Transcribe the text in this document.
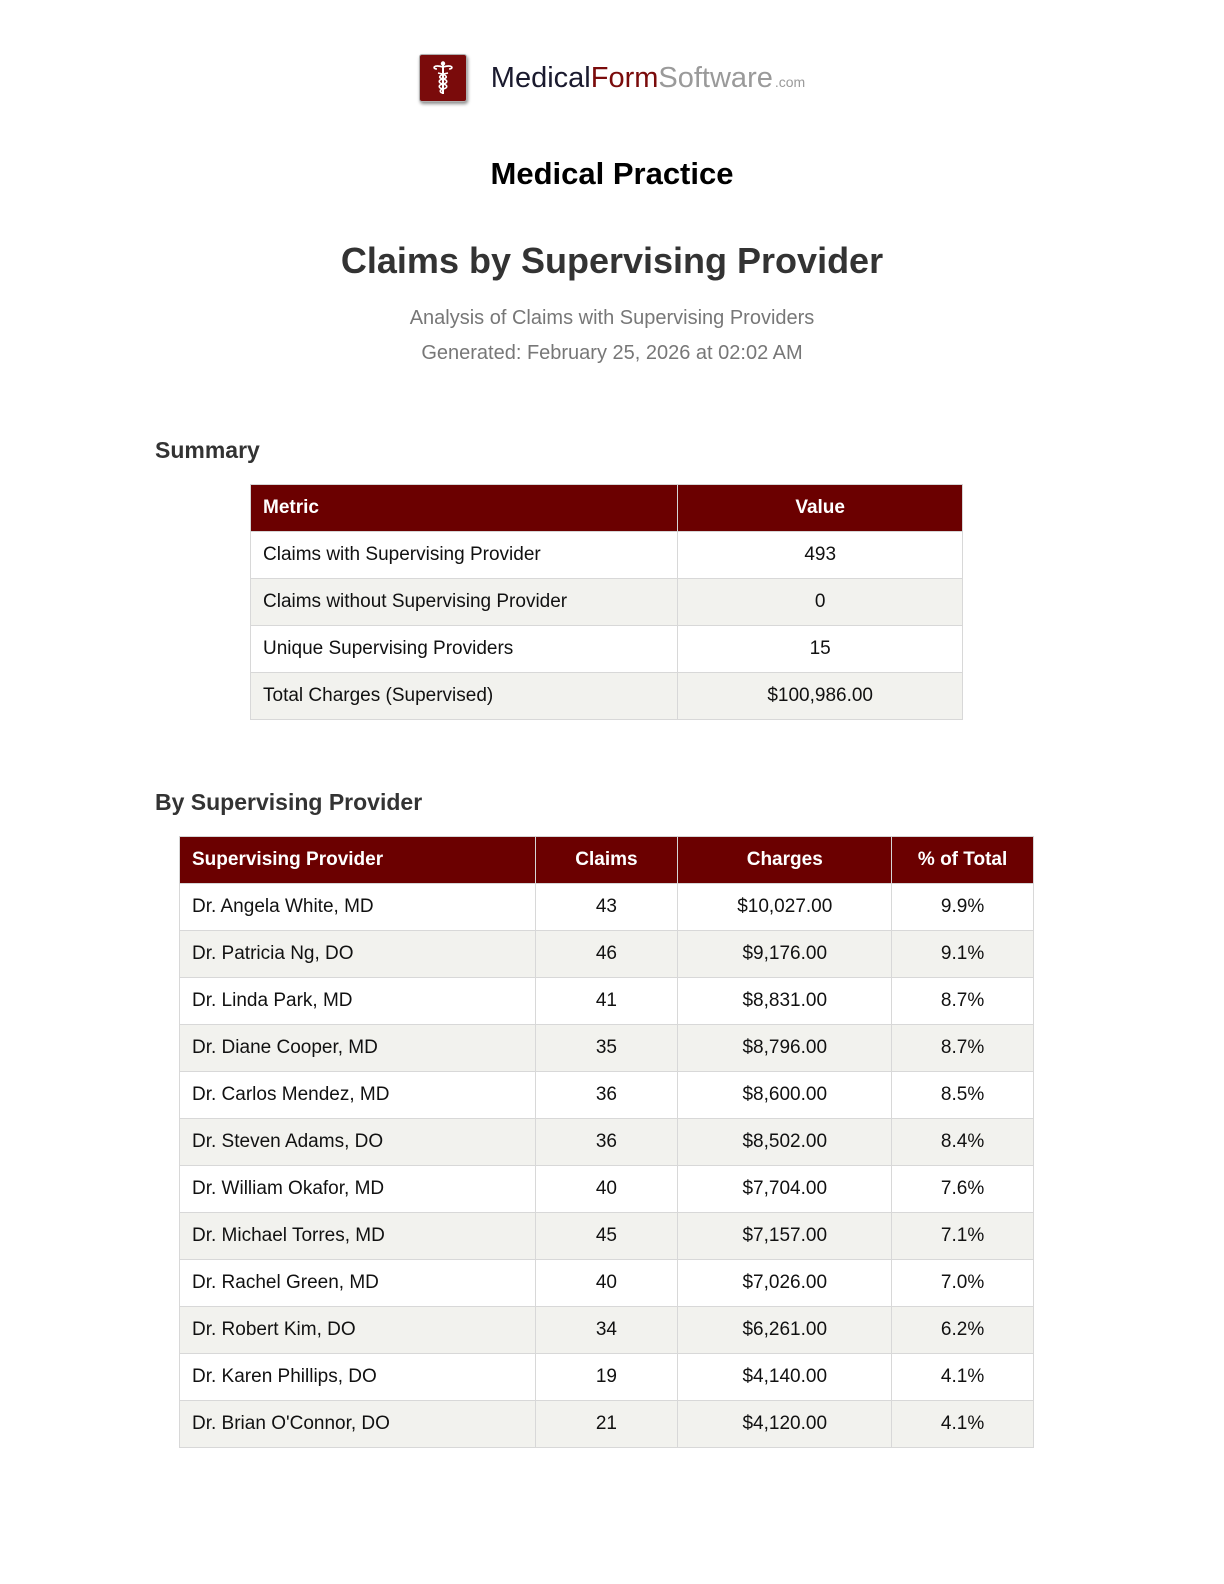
MedicalFormSoftware .com
Medical Practice
Claims by Supervising Provider
Analysis of Claims with Supervising Providers
Generated: February 25, 2026 at 02:02 AM
Summary
Metric	Value
Claims with Supervising Provider	493
Claims without Supervising Provider	0
Unique Supervising Providers	15
Total Charges (Supervised)	$100,986.00
By Supervising Provider
Supervising Provider	Claims	Charges	% of Total
Dr. Angela White, MD	43	$10,027.00	9.9%
Dr. Patricia Ng, DO	46	$9,176.00	9.1%
Dr. Linda Park, MD	41	$8,831.00	8.7%
Dr. Diane Cooper, MD	35	$8,796.00	8.7%
Dr. Carlos Mendez, MD	36	$8,600.00	8.5%
Dr. Steven Adams, DO	36	$8,502.00	8.4%
Dr. William Okafor, MD	40	$7,704.00	7.6%
Dr. Michael Torres, MD	45	$7,157.00	7.1%
Dr. Rachel Green, MD	40	$7,026.00	7.0%
Dr. Robert Kim, DO	34	$6,261.00	6.2%
Dr. Karen Phillips, DO	19	$4,140.00	4.1%
Dr. Brian O'Connor, DO	21	$4,120.00	4.1%
